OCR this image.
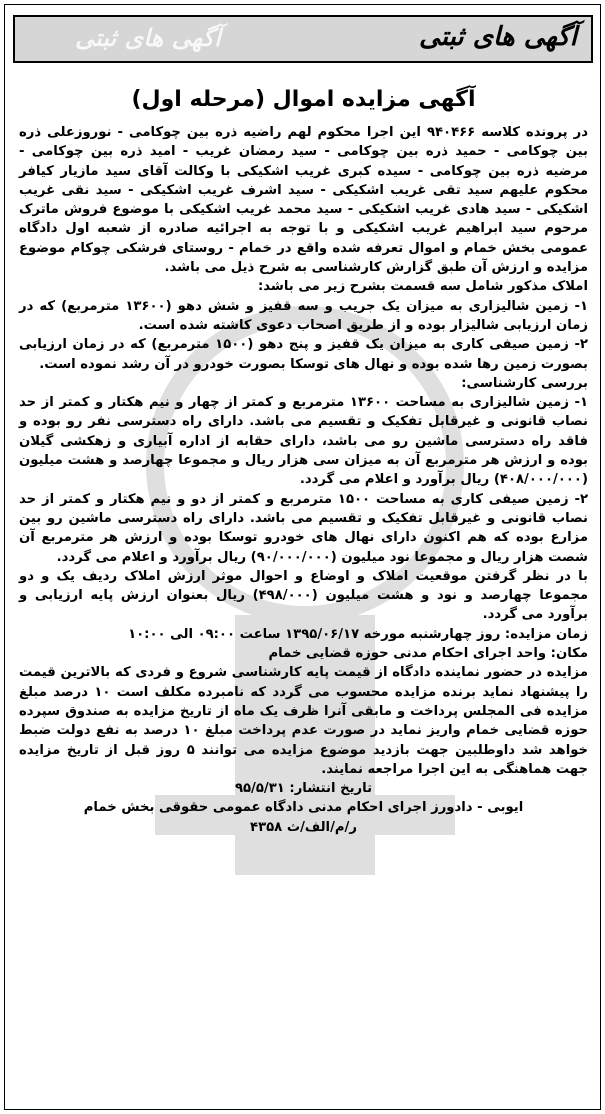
آگهی های ثبتی	آگهی های ثبتی
آگهی مزایده اموال (مرحله اول)

در پرونده کلاسه ۹۴۰۴۶۶ این اجرا محکوم لهم راضیه ذره بین چوکامی - نوروزعلی ذره بین چوکامی - حمید ذره بین چوکامی - سید رمضان غریب - امید ذره بین چوکامی - مرضیه ذره بین چوکامی - سیده کبری غریب اشکیکی با وکالت آقای سید مازیار کیافر محکوم علیهم سید تقی غریب اشکیکی - سید اشرف غریب اشکیکی - سید نقی غریب اشکیکی - سید هادی غریب اشکیکی - سید محمد غریب اشکیکی با موضوع فروش ماترک مرحوم سید ابراهیم غریب اشکیکی و با توجه به اجرائیه صادره از شعبه اول دادگاه عمومی بخش خمام و اموال تعرفه شده واقع در خمام - روستای فرشکی چوکام موضوع مزایده و ارزش آن طبق گزارش کارشناسی به شرح ذیل می باشد.

املاک مذکور شامل سه قسمت بشرح زیر می باشد:

۱- زمین شالیزاری به میزان یک جریب و سه قفیز و شش دهو (۱۳۶۰۰ مترمربع) که در زمان ارزیابی شالیزار بوده و از طریق اصحاب دعوی کاشته شده است.

۲- زمین صیفی کاری به میزان یک قفیز و پنج دهو (۱۵۰۰ مترمربع) که در زمان ارزیابی بصورت زمین رها شده بوده و نهال های توسکا بصورت خودرو در آن رشد نموده است.

بررسی کارشناسی:

۱- زمین شالیزاری به مساحت ۱۳۶۰۰ مترمربع و کمتر از چهار و نیم هکتار و کمتر از حد نصاب قانونی و غیرقابل تفکیک و تقسیم می باشد. دارای راه دسترسی نفر رو بوده و فاقد راه دسترسی ماشین رو می باشد، دارای حقابه از اداره آبیاری و زهکشی گیلان بوده و ارزش هر مترمربع آن به میزان سی هزار ریال و مجموعا چهارصد و هشت میلیون (۴۰۸/۰۰۰/۰۰۰) ریال برآورد و اعلام می گردد.

۲- زمین صیفی کاری به مساحت ۱۵۰۰ مترمربع و کمتر از دو و نیم هکتار و کمتر از حد نصاب قانونی و غیرقابل تفکیک و تقسیم می باشد. دارای راه دسترسی ماشین رو بین مزارع بوده که هم اکنون دارای نهال های خودرو توسکا بوده و ارزش هر مترمربع آن شصت هزار ریال و مجموعا نود میلیون (۹۰/۰۰۰/۰۰۰) ریال برآورد و اعلام می گردد.

با در نظر گرفتن موقعیت املاک و اوضاع و احوال موثر ارزش املاک ردیف یک و دو مجموعا چهارصد و نود و هشت میلیون (۴۹۸/۰۰۰) ریال بعنوان ارزش پایه ارزیابی و برآورد می گردد.

زمان مزایده: روز چهارشنبه مورخه ۱۳۹۵/۰۶/۱۷ ساعت ۰۹:۰۰ الی ۱۰:۰۰

مکان: واحد اجرای احکام مدنی حوزه قضایی خمام

مزایده در حضور نماینده دادگاه از قیمت پایه کارشناسی شروع و فردی که بالاترین قیمت را پیشنهاد نماید برنده مزایده محسوب می گردد که نامبرده مکلف است ۱۰ درصد مبلغ مزایده فی المجلس پرداخت و مابقی آنرا ظرف یک ماه از تاریخ مزایده به صندوق سپرده حوزه قضایی خمام واریز نماید در صورت عدم پرداخت مبلغ ۱۰ درصد به نفع دولت ضبط خواهد شد داوطلبین جهت بازدید موضوع مزایده می توانند ۵ روز قبل از تاریخ مزایده جهت هماهنگی به این اجرا مراجعه نمایند.

تاریخ انتشار: ۹۵/۵/۳۱

ایوبی - دادورز اجرای احکام مدنی دادگاه عمومی حقوقی بخش خمام

ر/م/الف/ث ۴۳۵۸
